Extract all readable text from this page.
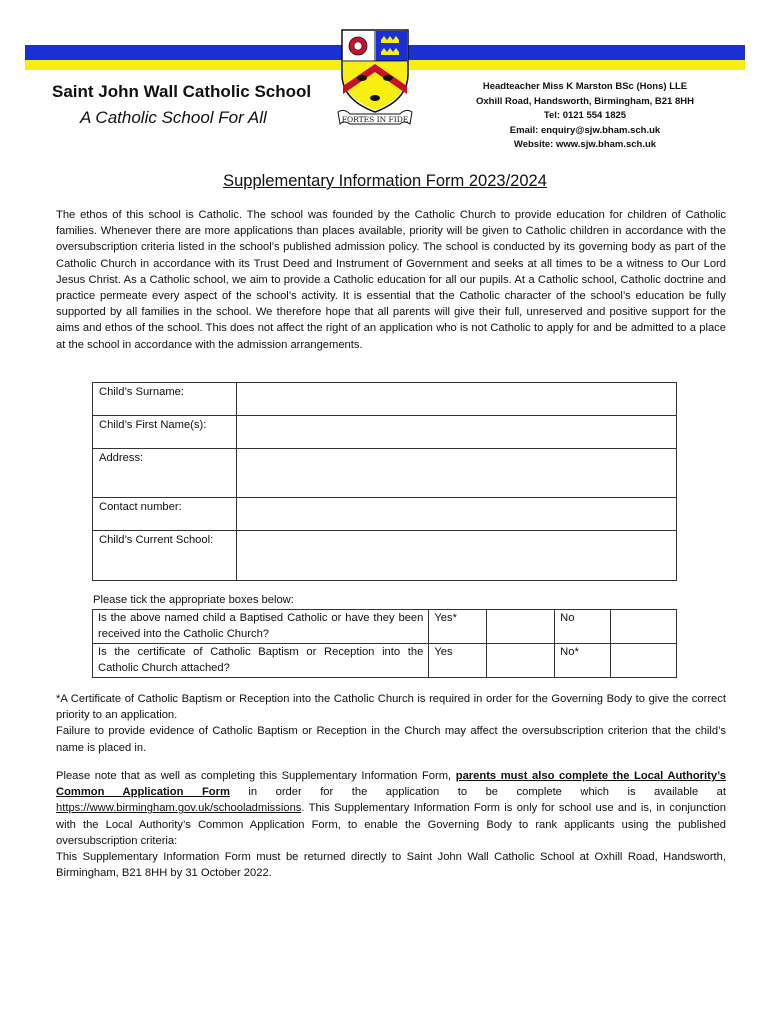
FORTES IN FIDE
Saint John Wall Catholic School
A Catholic School For All
Headteacher Miss K Marston BSc (Hons) LLE
Oxhill Road, Handsworth, Birmingham, B21 8HH
Tel: 0121 554 1825
Email: enquiry@sjw.bham.sch.uk
Website: www.sjw.bham.sch.uk
Supplementary Information Form 2023/2024
The ethos of this school is Catholic. The school was founded by the Catholic Church to provide education for children of Catholic families. Whenever there are more applications than places available, priority will be given to Catholic children in accordance with the oversubscription criteria listed in the school’s published admission policy. The school is conducted by its governing body as part of the Catholic Church in accordance with its Trust Deed and Instrument of Government and seeks at all times to be a witness to Our Lord Jesus Christ. As a Catholic school, we aim to provide a Catholic education for all our pupils. At a Catholic school, Catholic doctrine and practice permeate every aspect of the school’s activity. It is essential that the Catholic character of the school’s education be fully supported by all families in the school. We therefore hope that all parents will give their full, unreserved and positive support for the aims and ethos of the school. This does not affect the right of an application who is not Catholic to apply for and be admitted to a place at the school in accordance with the admission arrangements.
Child’s Surname:	
Child’s First Name(s):	
Address:	
Contact number:	
Child’s Current School:	
Please tick the appropriate boxes below:
Is the above named child a Baptised Catholic or have they been received into the Catholic Church?	Yes*		No	
Is the certificate of Catholic Baptism or Reception into the Catholic Church attached?	Yes		No*	
*A Certificate of Catholic Baptism or Reception into the Catholic Church is required in order for the Governing Body to give the correct priority to an application.
Failure to provide evidence of Catholic Baptism or Reception in the Church may affect the oversubscription criterion that the child’s name is placed in.
Please note that as well as completing this Supplementary Information Form, parents must also complete the Local Authority’s Common Application Form in order for the application to be complete which is available at https://www.birmingham.gov.uk/schooladmissions. This Supplementary Information Form is only for school use and is, in conjunction with the Local Authority’s Common Application Form, to enable the Governing Body to rank applicants using the published oversubscription criteria:
This Supplementary Information Form must be returned directly to Saint John Wall Catholic School at Oxhill Road, Handsworth, Birmingham, B21 8HH by 31 October 2022.
